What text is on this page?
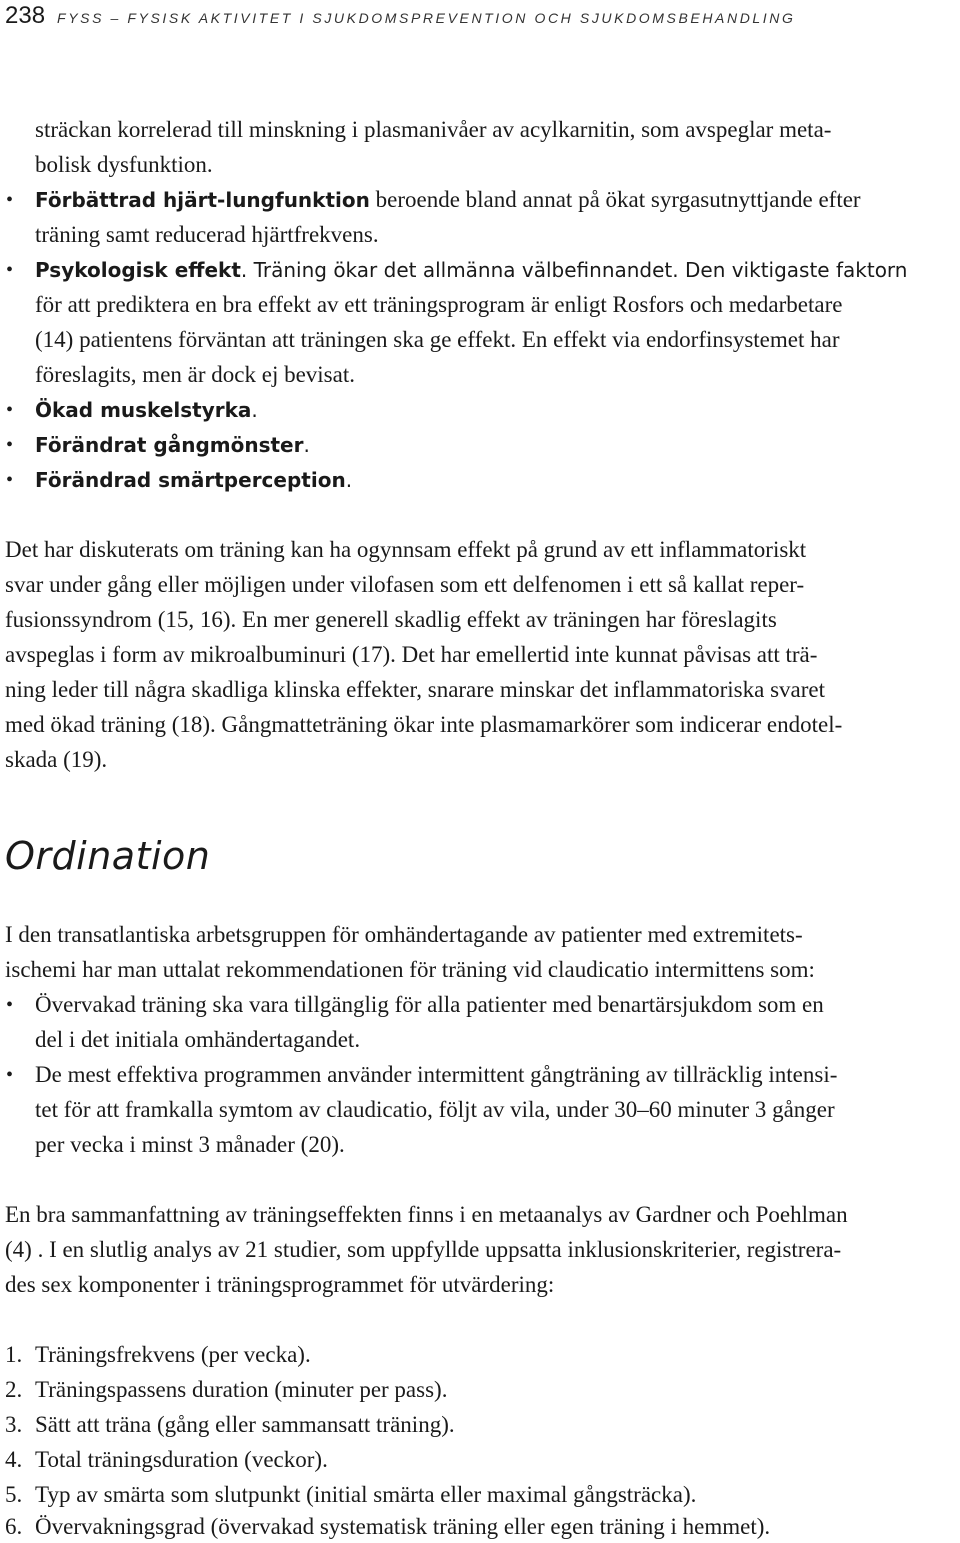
238 FYSS – FYSISK AKTIVITET I SJUKDOMSPREVENTION OCH SJUKDOMSBEHANDLING
sträckan korrelerad till minskning i plasmanivåer av acylkarnitin, som avspeglar meta-
bolisk dysfunktion.
• Förbättrad hjärt-lungfunktion beroende bland annat på ökat syrgasutnyttjande efter
träning samt reducerad hjärtfrekvens.
• Psykologisk effekt. Träning ökar det allmänna välbefinnandet. Den viktigaste faktorn
för att prediktera en bra effekt av ett träningsprogram är enligt Rosfors och medarbetare
(14) patientens förväntan att träningen ska ge effekt. En effekt via endorfinsystemet har
föreslagits, men är dock ej bevisat.
• Ökad muskelstyrka.
• Förändrat gångmönster.
• Förändrad smärtperception.
Det har diskuterats om träning kan ha ogynnsam effekt på grund av ett inflammatoriskt
svar under gång eller möjligen under vilofasen som ett delfenomen i ett så kallat reper-
fusionssyndrom (15, 16). En mer generell skadlig effekt av träningen har föreslagits
avspeglas i form av mikroalbuminuri (17). Det har emellertid inte kunnat påvisas att trä-
ning leder till några skadliga klinska effekter, snarare minskar det inflammatoriska svaret
med ökad träning (18). Gångmatteträning ökar inte plasmamarkörer som indicerar endotel-
skada (19).
Ordination
I den transatlantiska arbetsgruppen för omhändertagande av patienter med extremitets-
ischemi har man uttalat rekommendationen för träning vid claudicatio intermittens som:
• Övervakad träning ska vara tillgänglig för alla patienter med benartärsjukdom som en
del i det initiala omhändertagandet.
• De mest effektiva programmen använder intermittent gångträning av tillräcklig intensi-
tet för att framkalla symtom av claudicatio, följt av vila, under 30–60 minuter 3 gånger
per vecka i minst 3 månader (20).
En bra sammanfattning av träningseffekten finns i en metaanalys av Gardner och Poehlman
(4) . I en slutlig analys av 21 studier, som uppfyllde uppsatta inklusionskriterier, registrera-
des sex komponenter i träningsprogrammet för utvärdering:
1. Träningsfrekvens (per vecka).
2. Träningspassens duration (minuter per pass).
3. Sätt att träna (gång eller sammansatt träning).
4. Total träningsduration (veckor).
5. Typ av smärta som slutpunkt (initial smärta eller maximal gångsträcka).
6. Övervakningsgrad (övervakad systematisk träning eller egen träning i hemmet).
